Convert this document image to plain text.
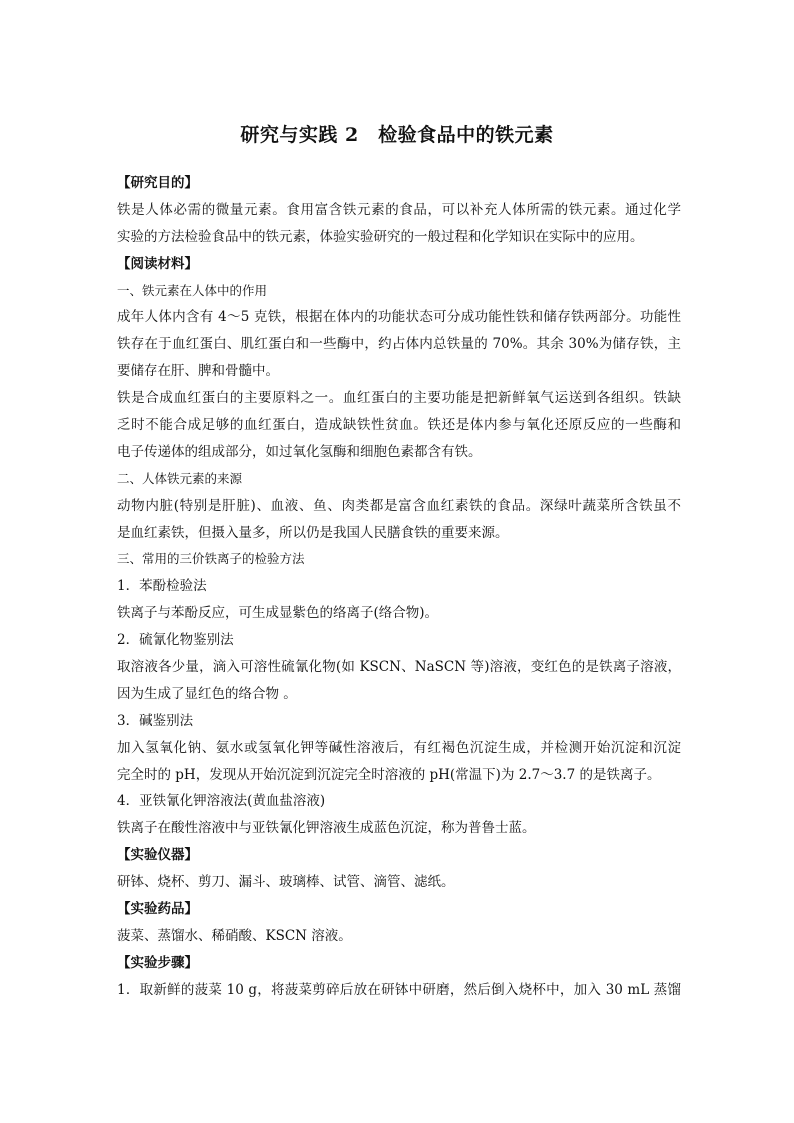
研究与实践 2　检验食品中的铁元素
【研究目的】
铁是人体必需的微量元素。食用富含铁元素的食品，可以补充人体所需的铁元素。通过化学
实验的方法检验食品中的铁元素，体验实验研究的一般过程和化学知识在实际中的应用。
【阅读材料】
一、铁元素在人体中的作用
成年人体内含有 4～5 克铁，根据在体内的功能状态可分成功能性铁和储存铁两部分。功能性
铁存在于血红蛋白、肌红蛋白和一些酶中，约占体内总铁量的 70%。其余 30%为储存铁，主
要储存在肝、脾和骨髓中。
铁是合成血红蛋白的主要原料之一。血红蛋白的主要功能是把新鲜氧气运送到各组织。铁缺
乏时不能合成足够的血红蛋白，造成缺铁性贫血。铁还是体内参与氧化还原反应的一些酶和
电子传递体的组成部分，如过氧化氢酶和细胞色素都含有铁。
二、人体铁元素的来源
动物内脏(特别是肝脏)、血液、鱼、肉类都是富含血红素铁的食品。深绿叶蔬菜所含铁虽不
是血红素铁，但摄入量多，所以仍是我国人民膳食铁的重要来源。
三、常用的三价铁离子的检验方法
1．苯酚检验法
铁离子与苯酚反应，可生成显紫色的络离子(络合物)。
2．硫氰化物鉴别法
取溶液各少量，滴入可溶性硫氰化物(如 KSCN、NaSCN 等)溶液，变红色的是铁离子溶液，
因为生成了显红色的络合物 。
3．碱鉴别法
加入氢氧化钠、氨水或氢氧化钾等碱性溶液后，有红褐色沉淀生成，并检测开始沉淀和沉淀
完全时的 pH，发现从开始沉淀到沉淀完全时溶液的 pH(常温下)为 2.7～3.7 的是铁离子。
4．亚铁氰化钾溶液法(黄血盐溶液)
铁离子在酸性溶液中与亚铁氰化钾溶液生成蓝色沉淀，称为普鲁士蓝。
【实验仪器】
研钵、烧杯、剪刀、漏斗、玻璃棒、试管、滴管、滤纸。
【实验药品】
菠菜、蒸馏水、稀硝酸、KSCN 溶液。
【实验步骤】
1．取新鲜的菠菜 10 g，将菠菜剪碎后放在研钵中研磨，然后倒入烧杯中，加入 30 mL 蒸馏
